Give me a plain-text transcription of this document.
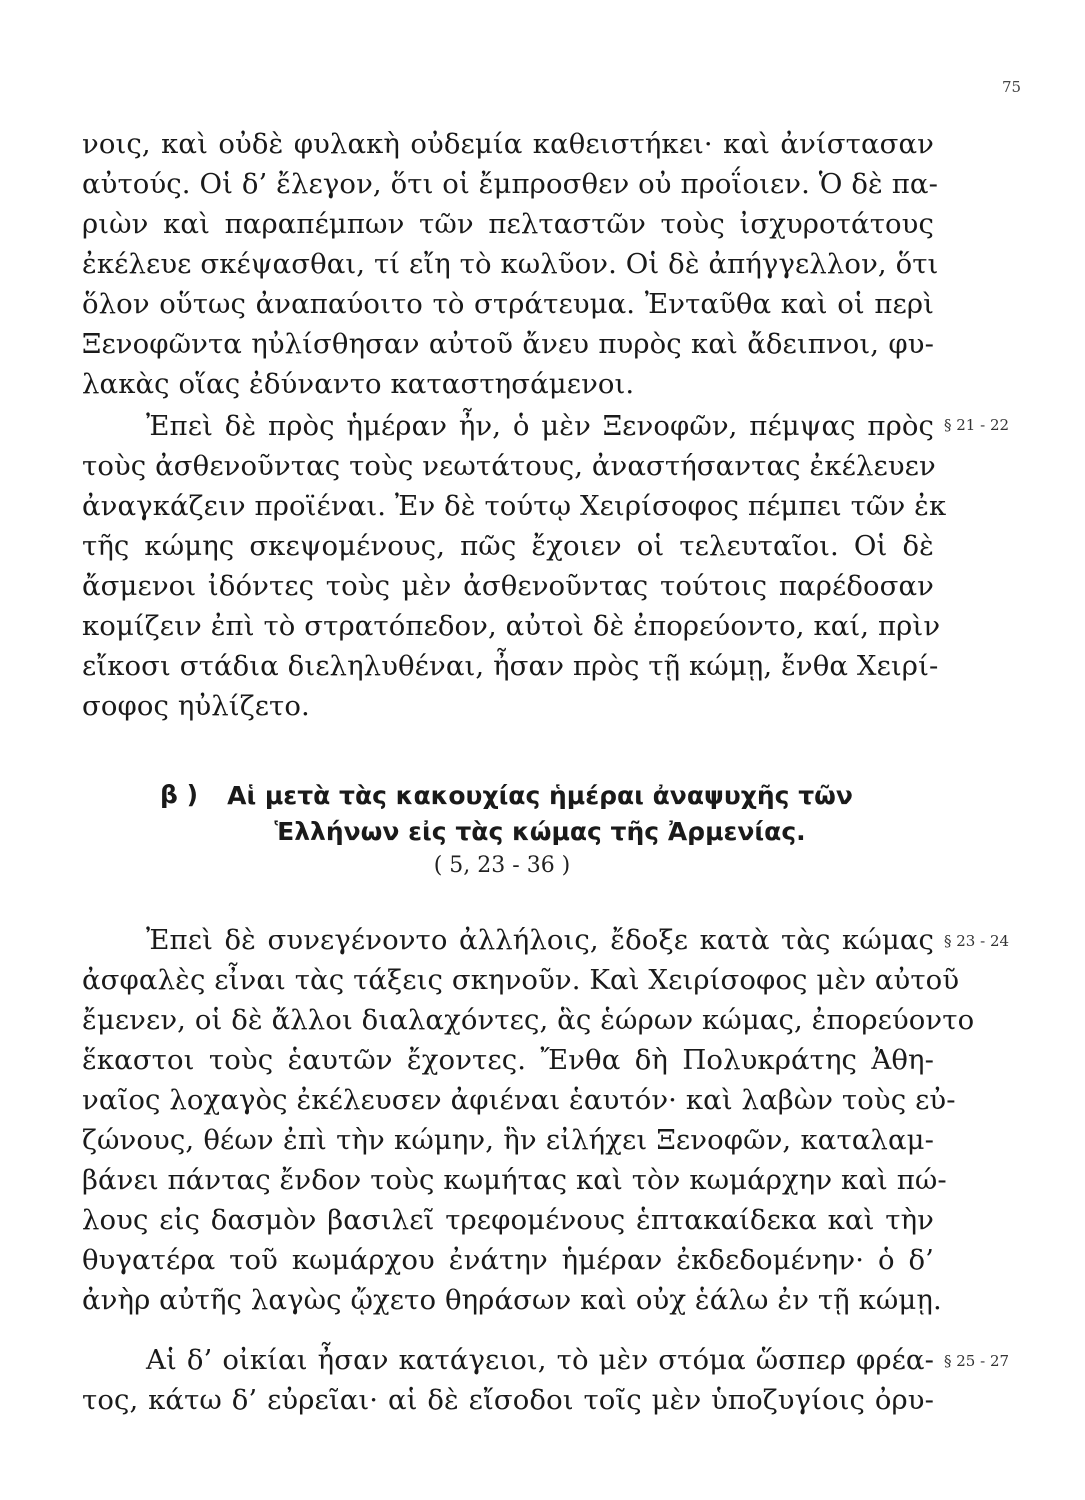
75
νοις, καὶ οὐδὲ φυλακὴ οὐδεμία καθειστήκει· καὶ ἀνίστασαν
αὐτούς. Οἱ δ’ ἔλεγον, ὅτι οἱ ἔμπροσθεν οὐ προΐοιεν. Ὁ δὲ πα-
ριὼν καὶ παραπέμπων τῶν πελταστῶν τοὺς ἰσχυροτάτους
ἐκέλευε σκέψασθαι, τί εἴη τὸ κωλῦον. Οἱ δὲ ἀπήγγελλον, ὅτι
ὅλον οὕτως ἀναπαύοιτο τὸ στράτευμα. Ἐνταῦθα καὶ οἱ περὶ
Ξενοφῶντα ηὐλίσθησαν αὐτοῦ ἄνευ πυρὸς καὶ ἄδειπνοι, φυ-
λακὰς οἵας ἐδύναντο καταστησάμενοι.
§ 21 - 22
Ἐπεὶ δὲ πρὸς ἡμέραν ἦν, ὁ μὲν Ξενοφῶν, πέμψας πρὸς
τοὺς ἀσθενοῦντας τοὺς νεωτάτους, ἀναστήσαντας ἐκέλευεν
ἀναγκάζειν προϊέναι. Ἐν δὲ τούτῳ Χειρίσοφος πέμπει τῶν ἐκ
τῆς κώμης σκεψομένους, πῶς ἔχοιεν οἱ τελευταῖοι. Οἱ δὲ
ἄσμενοι ἰδόντες τοὺς μὲν ἀσθενοῦντας τούτοις παρέδοσαν
κομίζειν ἐπὶ τὸ στρατόπεδον, αὐτοὶ δὲ ἐπορεύοντο, καί, πρὶν
εἴκοσι στάδια διεληλυθέναι, ἦσαν πρὸς τῇ κώμῃ, ἔνθα Χειρί-
σοφος ηὐλίζετο.
β )	Αἱ μετὰ τὰς κακουχίας ἡμέραι ἀναψυχῆς τῶν
Ἑλλήνων εἰς τὰς κώμας τῆς Ἀρμενίας.
( 5, 23 - 36 )
§ 23 - 24
Ἐπεὶ δὲ συνεγένοντο ἀλλήλοις, ἔδοξε κατὰ τὰς κώμας
ἀσφαλὲς εἶναι τὰς τάξεις σκηνοῦν. Καὶ Χειρίσοφος μὲν αὐτοῦ
ἔμενεν, οἱ δὲ ἄλλοι διαλαχόντες, ἃς ἑώρων κώμας, ἐπορεύοντο
ἕκαστοι τοὺς ἑαυτῶν ἔχοντες. Ἔνθα δὴ Πολυκράτης Ἀθη-
ναῖος λοχαγὸς ἐκέλευσεν ἀφιέναι ἑαυτόν· καὶ λαβὼν τοὺς εὐ-
ζώνους, θέων ἐπὶ τὴν κώμην, ἣν εἰλήχει Ξενοφῶν, καταλαμ-
βάνει πάντας ἔνδον τοὺς κωμήτας καὶ τὸν κωμάρχην καὶ πώ-
λους εἰς δασμὸν βασιλεῖ τρεφομένους ἑπτακαίδεκα καὶ τὴν
θυγατέρα τοῦ κωμάρχου ἐνάτην ἡμέραν ἐκδεδομένην· ὁ δ’
ἀνὴρ αὐτῆς λαγὼς ᾤχετο θηράσων καὶ οὐχ ἑάλω ἐν τῇ κώμῃ.
§ 25 - 27
Αἱ δ’ οἰκίαι ἦσαν κατάγειοι, τὸ μὲν στόμα ὥσπερ φρέα-
τος, κάτω δ’ εὐρεῖαι· αἱ δὲ εἴσοδοι τοῖς μὲν ὑποζυγίοις ὀρυ-
